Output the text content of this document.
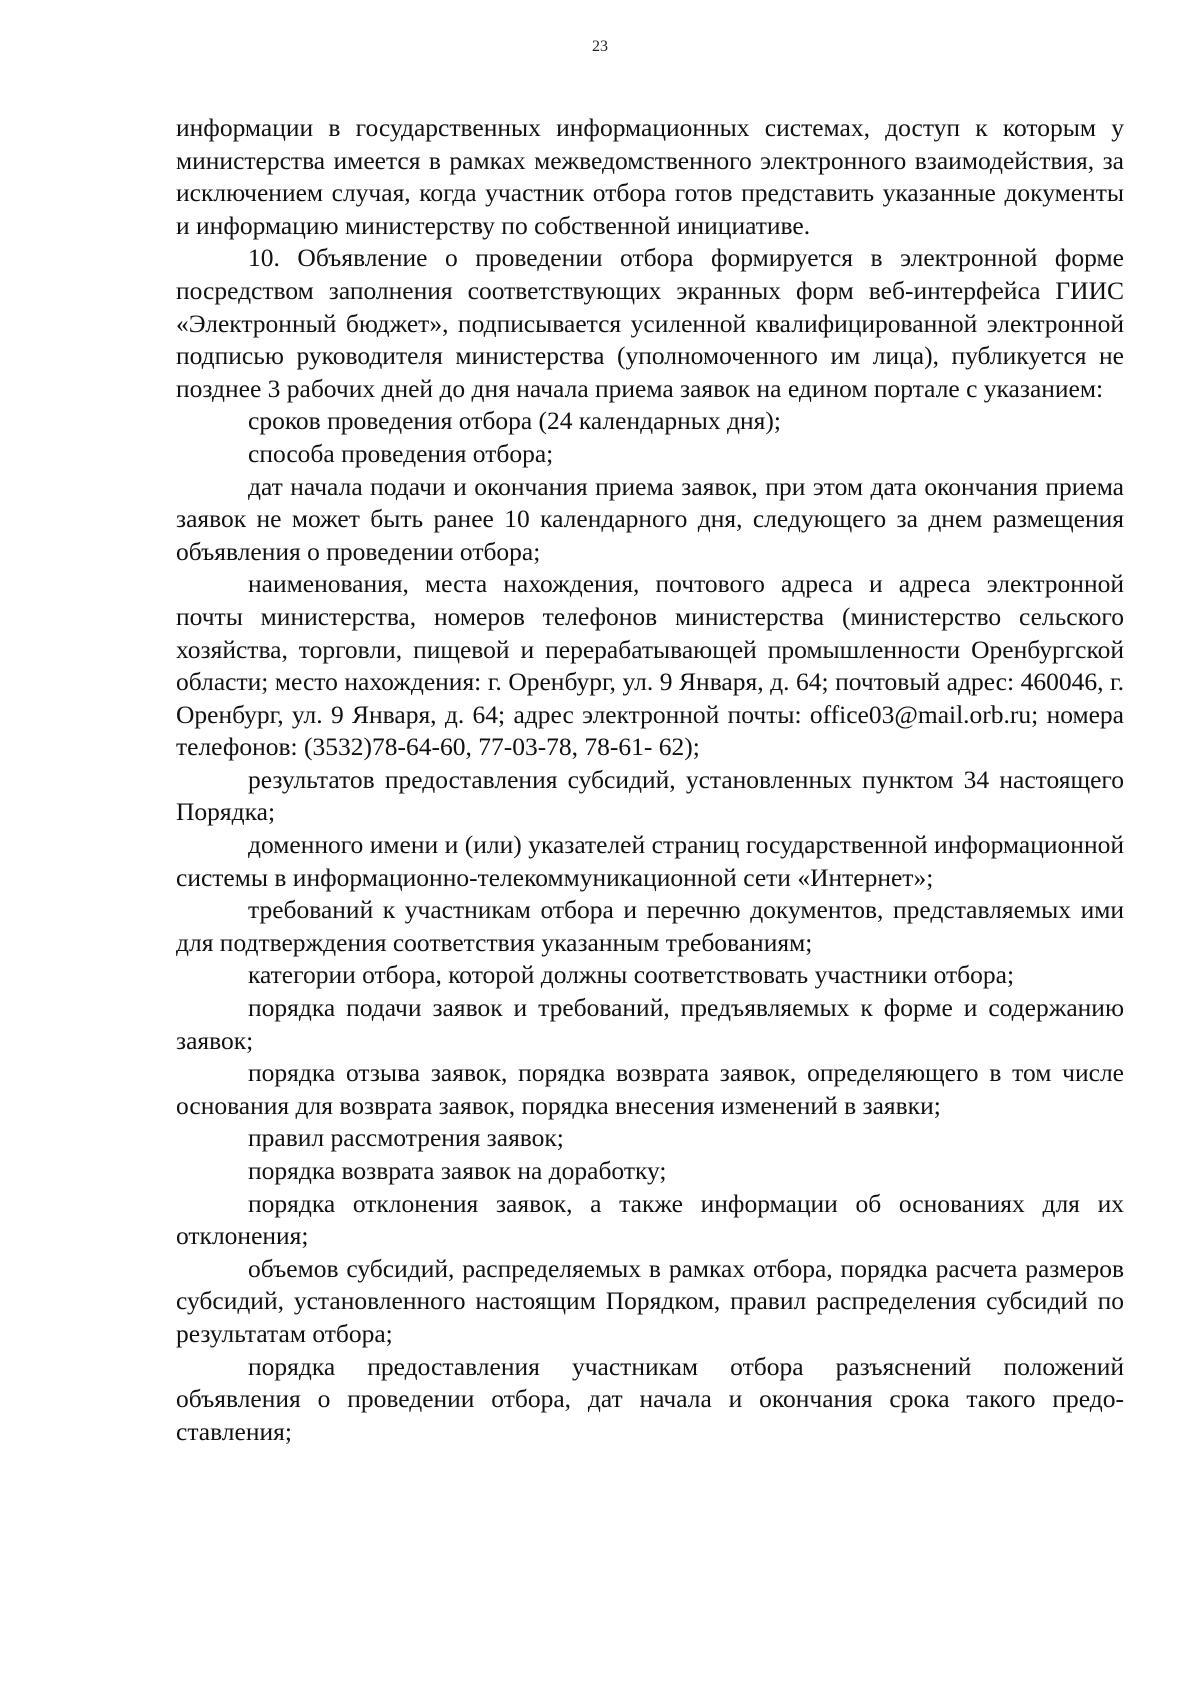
23

информации в государственных информационных системах, доступ к которым у министерства имеется в рамках межведомственного электронного взаимодействия, за исключением случая, когда участник отбора готов представить указанные документы и информацию министерству по собственной инициативе.

10. Объявление о проведении отбора формируется в электронной форме посредством заполнения соответствующих экранных форм веб-интерфейса ГИИС «Электронный бюджет», подписывается усиленной квалифицированной электронной подписью руководителя министерства (уполномоченного им лица), публикуется не позднее 3 рабочих дней до дня начала приема заявок на едином портале с указанием:

сроков проведения отбора (24 календарных дня);

способа проведения отбора;

дат начала подачи и окончания приема заявок, при этом дата окончания приема заявок не может быть ранее 10 календарного дня, следующего за днем размещения объявления о проведении отбора;

наименования, места нахождения, почтового адреса и адреса электронной почты министерства, номеров телефонов министерства (министерство сельского хозяйства, торговли, пищевой и перерабатывающей промышленности Оренбургской области; место нахождения: г. Оренбург, ул. 9 Января, д. 64; почтовый адрес: 460046, г. Оренбург, ул. 9 Января, д. 64; адрес электронной почты: office03@mail.orb.ru; номера телефонов: (3532)78-64-60, 77-03-78, 78-61- 62);

результатов предоставления субсидий, установленных пунктом 34 настоящего Порядка;

доменного имени и (или) указателей страниц государственной информационной системы в информационно-телекоммуникационной сети «Интернет»;

требований к участникам отбора и перечню документов, представляемых ими для подтверждения соответствия указанным требованиям;

категории отбора, которой должны соответствовать участники отбора;

порядка подачи заявок и требований, предъявляемых к форме и содержанию заявок;

порядка отзыва заявок, порядка возврата заявок, определяющего в том числе основания для возврата заявок, порядка внесения изменений в заявки;

правил рассмотрения заявок;

порядка возврата заявок на доработку;

порядка отклонения заявок, а также информации об основаниях для их отклонения;

объемов субсидий, распределяемых в рамках отбора, порядка расчета размеров субсидий, установленного настоящим Порядком, правил распределения субсидий по результатам отбора;

порядка предоставления участникам отбора разъяснений положений объявления о проведении отбора, дат начала и окончания срока такого предоставления;
